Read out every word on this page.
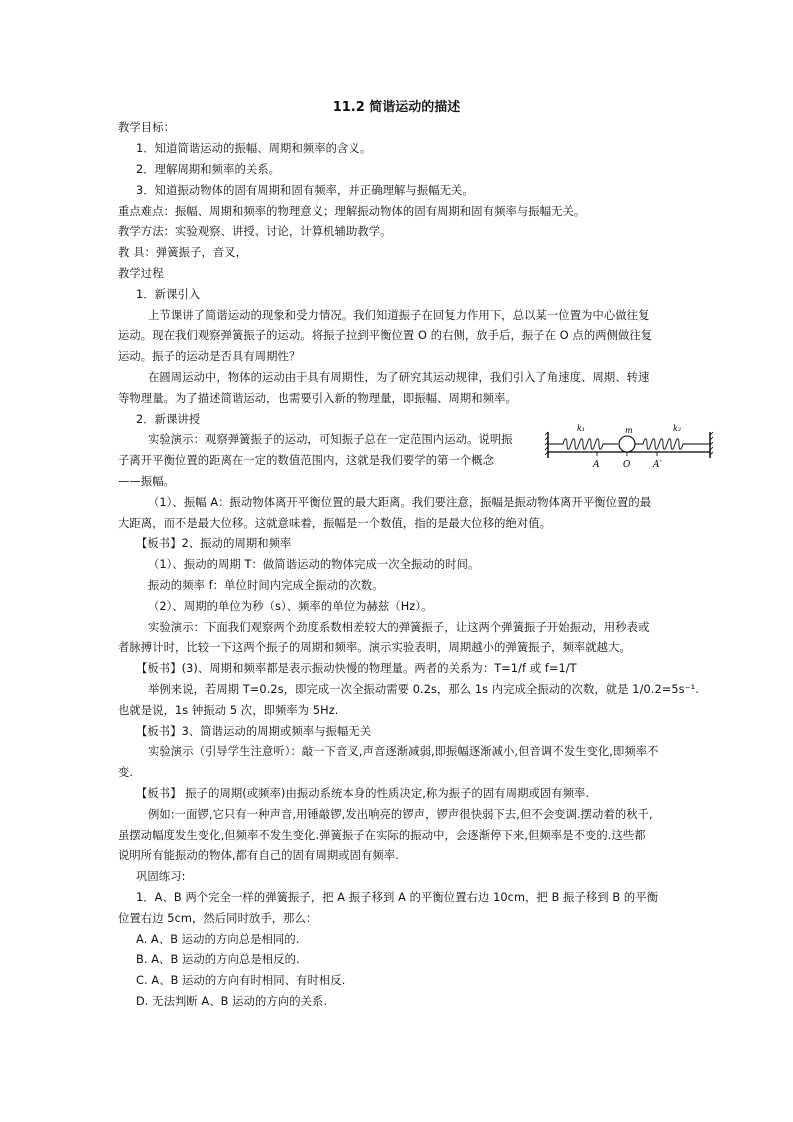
11.2 简谐运动的描述
教学目标：
1．知道简谐运动的振幅、周期和频率的含义。
2．理解周期和频率的关系。
3．知道振动物体的固有周期和固有频率，并正确理解与振幅无关。
重点难点：振幅、周期和频率的物理意义；理解振动物体的固有周期和固有频率与振幅无关。
教学方法：实验观察、讲授、讨论，计算机辅助教学。
教 具：弹簧振子，音叉，
教学过程
1．新课引入
上节课讲了简谐运动的现象和受力情况。我们知道振子在回复力作用下，总以某一位置为中心做往复
运动。现在我们观察弹簧振子的运动。将振子拉到平衡位置 O 的右侧，放手后，振子在 O 点的两侧做往复
运动。振子的运动是否具有周期性？
在圆周运动中，物体的运动由于具有周期性，为了研究其运动规律，我们引入了角速度、周期、转速
等物理量。为了描述简谐运动，也需要引入新的物理量，即振幅、周期和频率。
2．新课讲授
实验演示：观察弹簧振子的运动，可知振子总在一定范围内运动。说明振
子离开平衡位置的距离在一定的数值范围内，这就是我们要学的第一个概念
——振幅。
（1）、振幅 A：振动物体离开平衡位置的最大距离。我们要注意，振幅是振动物体离开平衡位置的最
大距离，而不是最大位移。这就意味着，振幅是一个数值，指的是最大位移的绝对值。
【板书】2、振动的周期和频率
（1）、振动的周期 T：做简谐运动的物体完成一次全振动的时间。
振动的频率 f：单位时间内完成全振动的次数。
（2）、周期的单位为秒（s）、频率的单位为赫兹（Hz）。
实验演示：下面我们观察两个劲度系数相差较大的弹簧振子，让这两个弹簧振子开始振动，用秒表或
者脉搏计时，比较一下这两个振子的周期和频率。演示实验表明，周期越小的弹簧振子，频率就越大。
【板书】(3)、周期和频率都是表示振动快慢的物理量。两者的关系为：T=1/f 或 f=1/T
举例来说，若周期 T=0.2s，即完成一次全振动需要 0.2s，那么 1s 内完成全振动的次数，就是 1/0.2=5s⁻¹.
也就是说，1s 钟振动 5 次，即频率为 5Hz.
【板书】3、简谐运动的周期或频率与振幅无关
实验演示（引导学生注意听）：敲一下音叉,声音逐渐减弱,即振幅逐渐减小,但音调不发生变化,即频率不
变.
【板书】 振子的周期(或频率)由振动系统本身的性质决定,称为振子的固有周期或固有频率.
例如:一面锣,它只有一种声音,用锤敲锣,发出响亮的锣声，锣声很快弱下去,但不会变调.摆动着的秋千,
虽摆动幅度发生变化,但频率不发生变化.弹簧振子在实际的振动中，会逐渐停下来,但频率是不变的.这些都
说明所有能振动的物体,都有自己的固有周期或固有频率.
巩固练习:
1．A、B 两个完全一样的弹簧振子，把 A 振子移到 A 的平衡位置右边 10cm，把 B 振子移到 B 的平衡
位置右边 5cm，然后同时放手，那么：
A. A、B 运动的方向总是相同的.
B. A、B 运动的方向总是相反的.
C. A、B 运动的方向有时相同、有时相反.
D. 无法判断 A、B 运动的方向的关系.
k₁	m	k₂
A	O	A′
